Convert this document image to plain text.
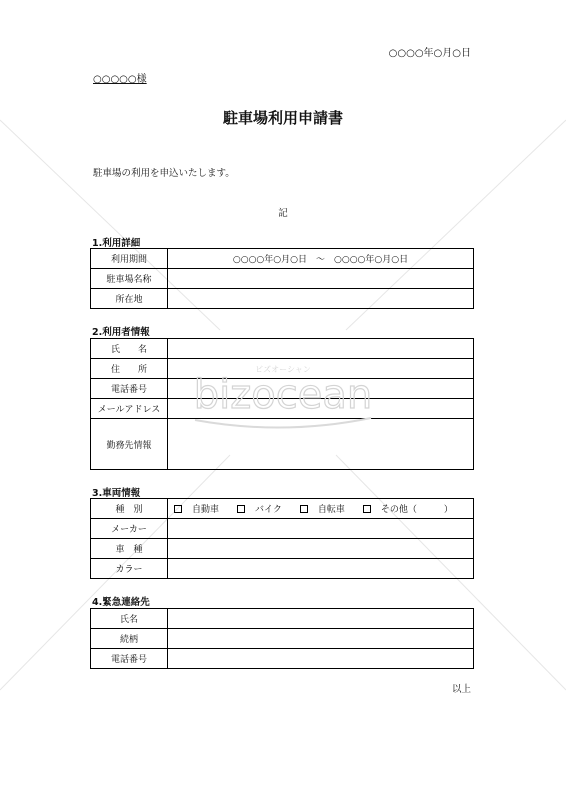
○○○○年○月○日
○○○○○様
駐車場利用申請書
駐車場の利用を申込いたします。
記
1.利用詳細
利用期間	○○○○年○月○日　～　○○○○年○月○日
駐車場名称	
所在地	
2.利用者情報
氏　　名	
住　　所	
電話番号	
メールアドレス	
勤務先情報	
3.車両情報
種　別	自動車 バイク 自転車 その他（　　　）

メーカー	
車　種	
カラー	
4.緊急連絡先
氏名	
続柄	
電話番号	
以上
ビズオーシャン
bizocean
